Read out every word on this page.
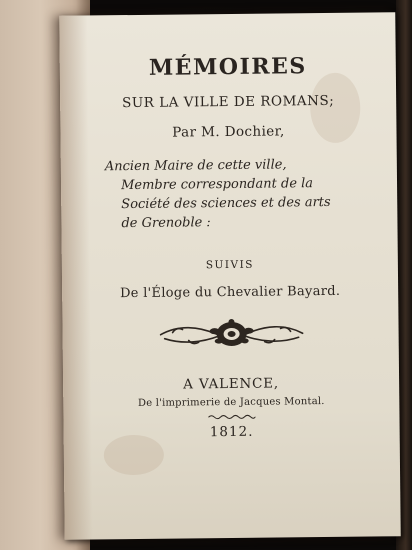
MÉMOIRES
SUR LA VILLE DE ROMANS;
Par M. Dochier,
Ancien Maire de cette ville,
Membre correspondant de la
Société des sciences et des arts
de Grenoble :
SUIVIS
De l'Éloge du Chevalier Bayard.
A VALENCE,
De l'imprimerie de Jacques Montal.
1812.
